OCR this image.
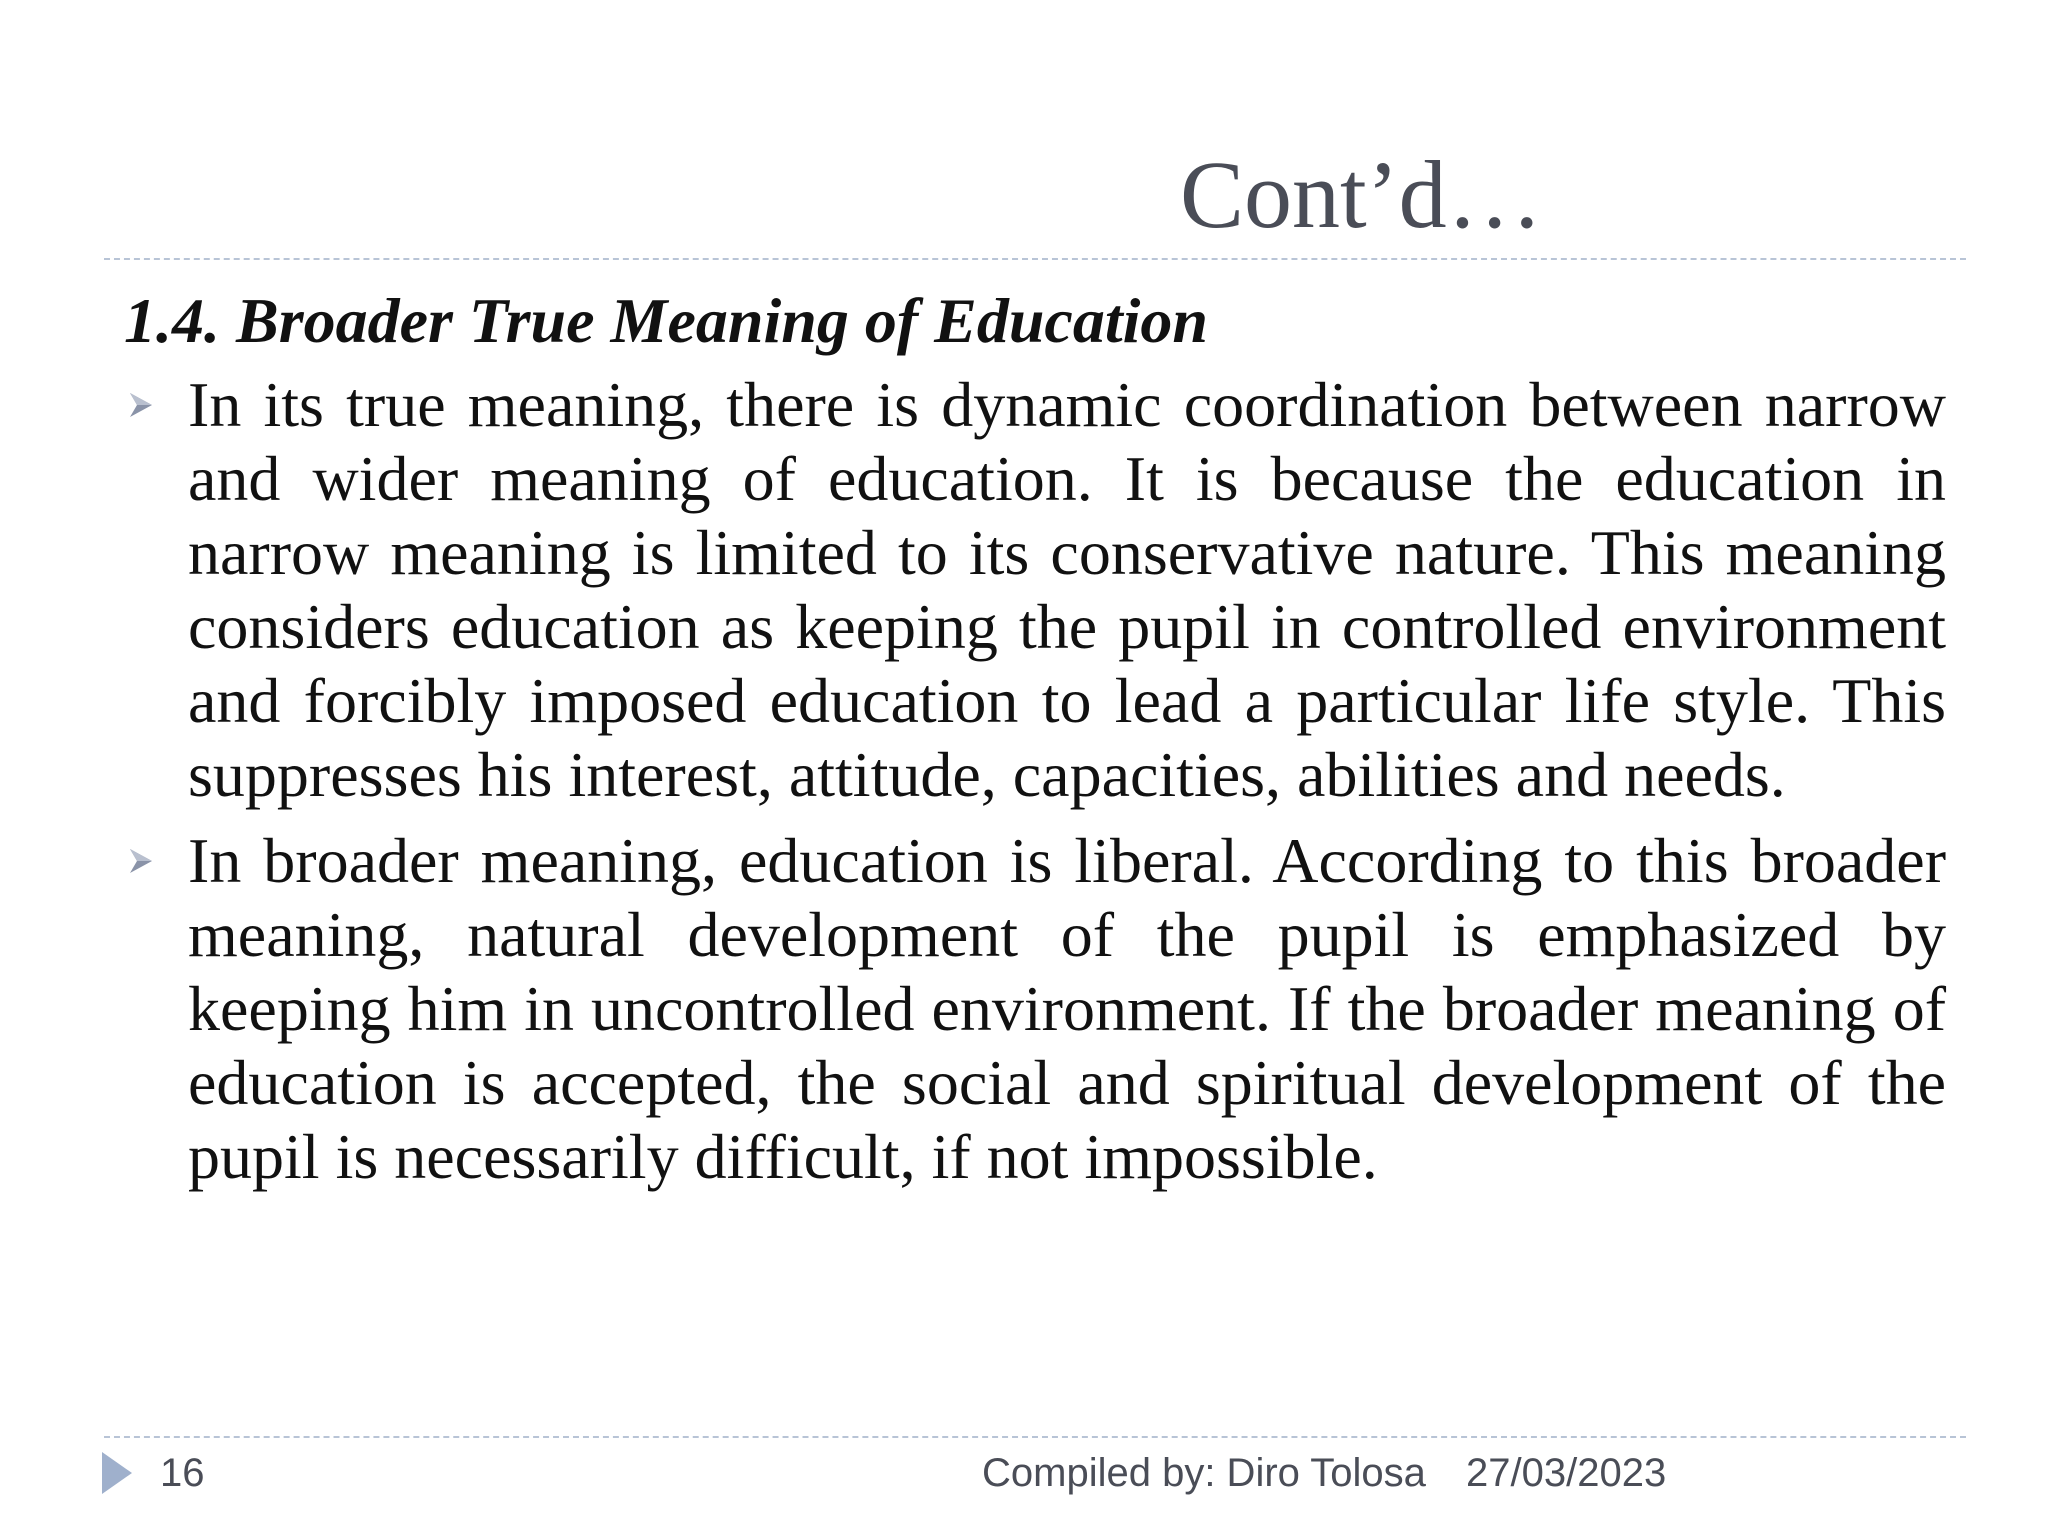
Cont’d…
1.4. Broader True Meaning of Education
In its true meaning, there is dynamic coordination between narrow and wider meaning of education. It is because the education in narrow meaning is limited to its conservative nature. This meaning considers education as keeping the pupil in controlled environment and forcibly imposed education to lead a particular life style. This suppresses his interest, attitude, capacities, abilities and needs.
In broader meaning, education is liberal. According to this broader meaning, natural development of the pupil is emphasized by keeping him in uncontrolled environment. If the broader meaning of education is accepted, the social and spiritual development of the pupil is necessarily difficult, if not impossible.
16	Compiled by: Diro Tolosa 27/03/2023
